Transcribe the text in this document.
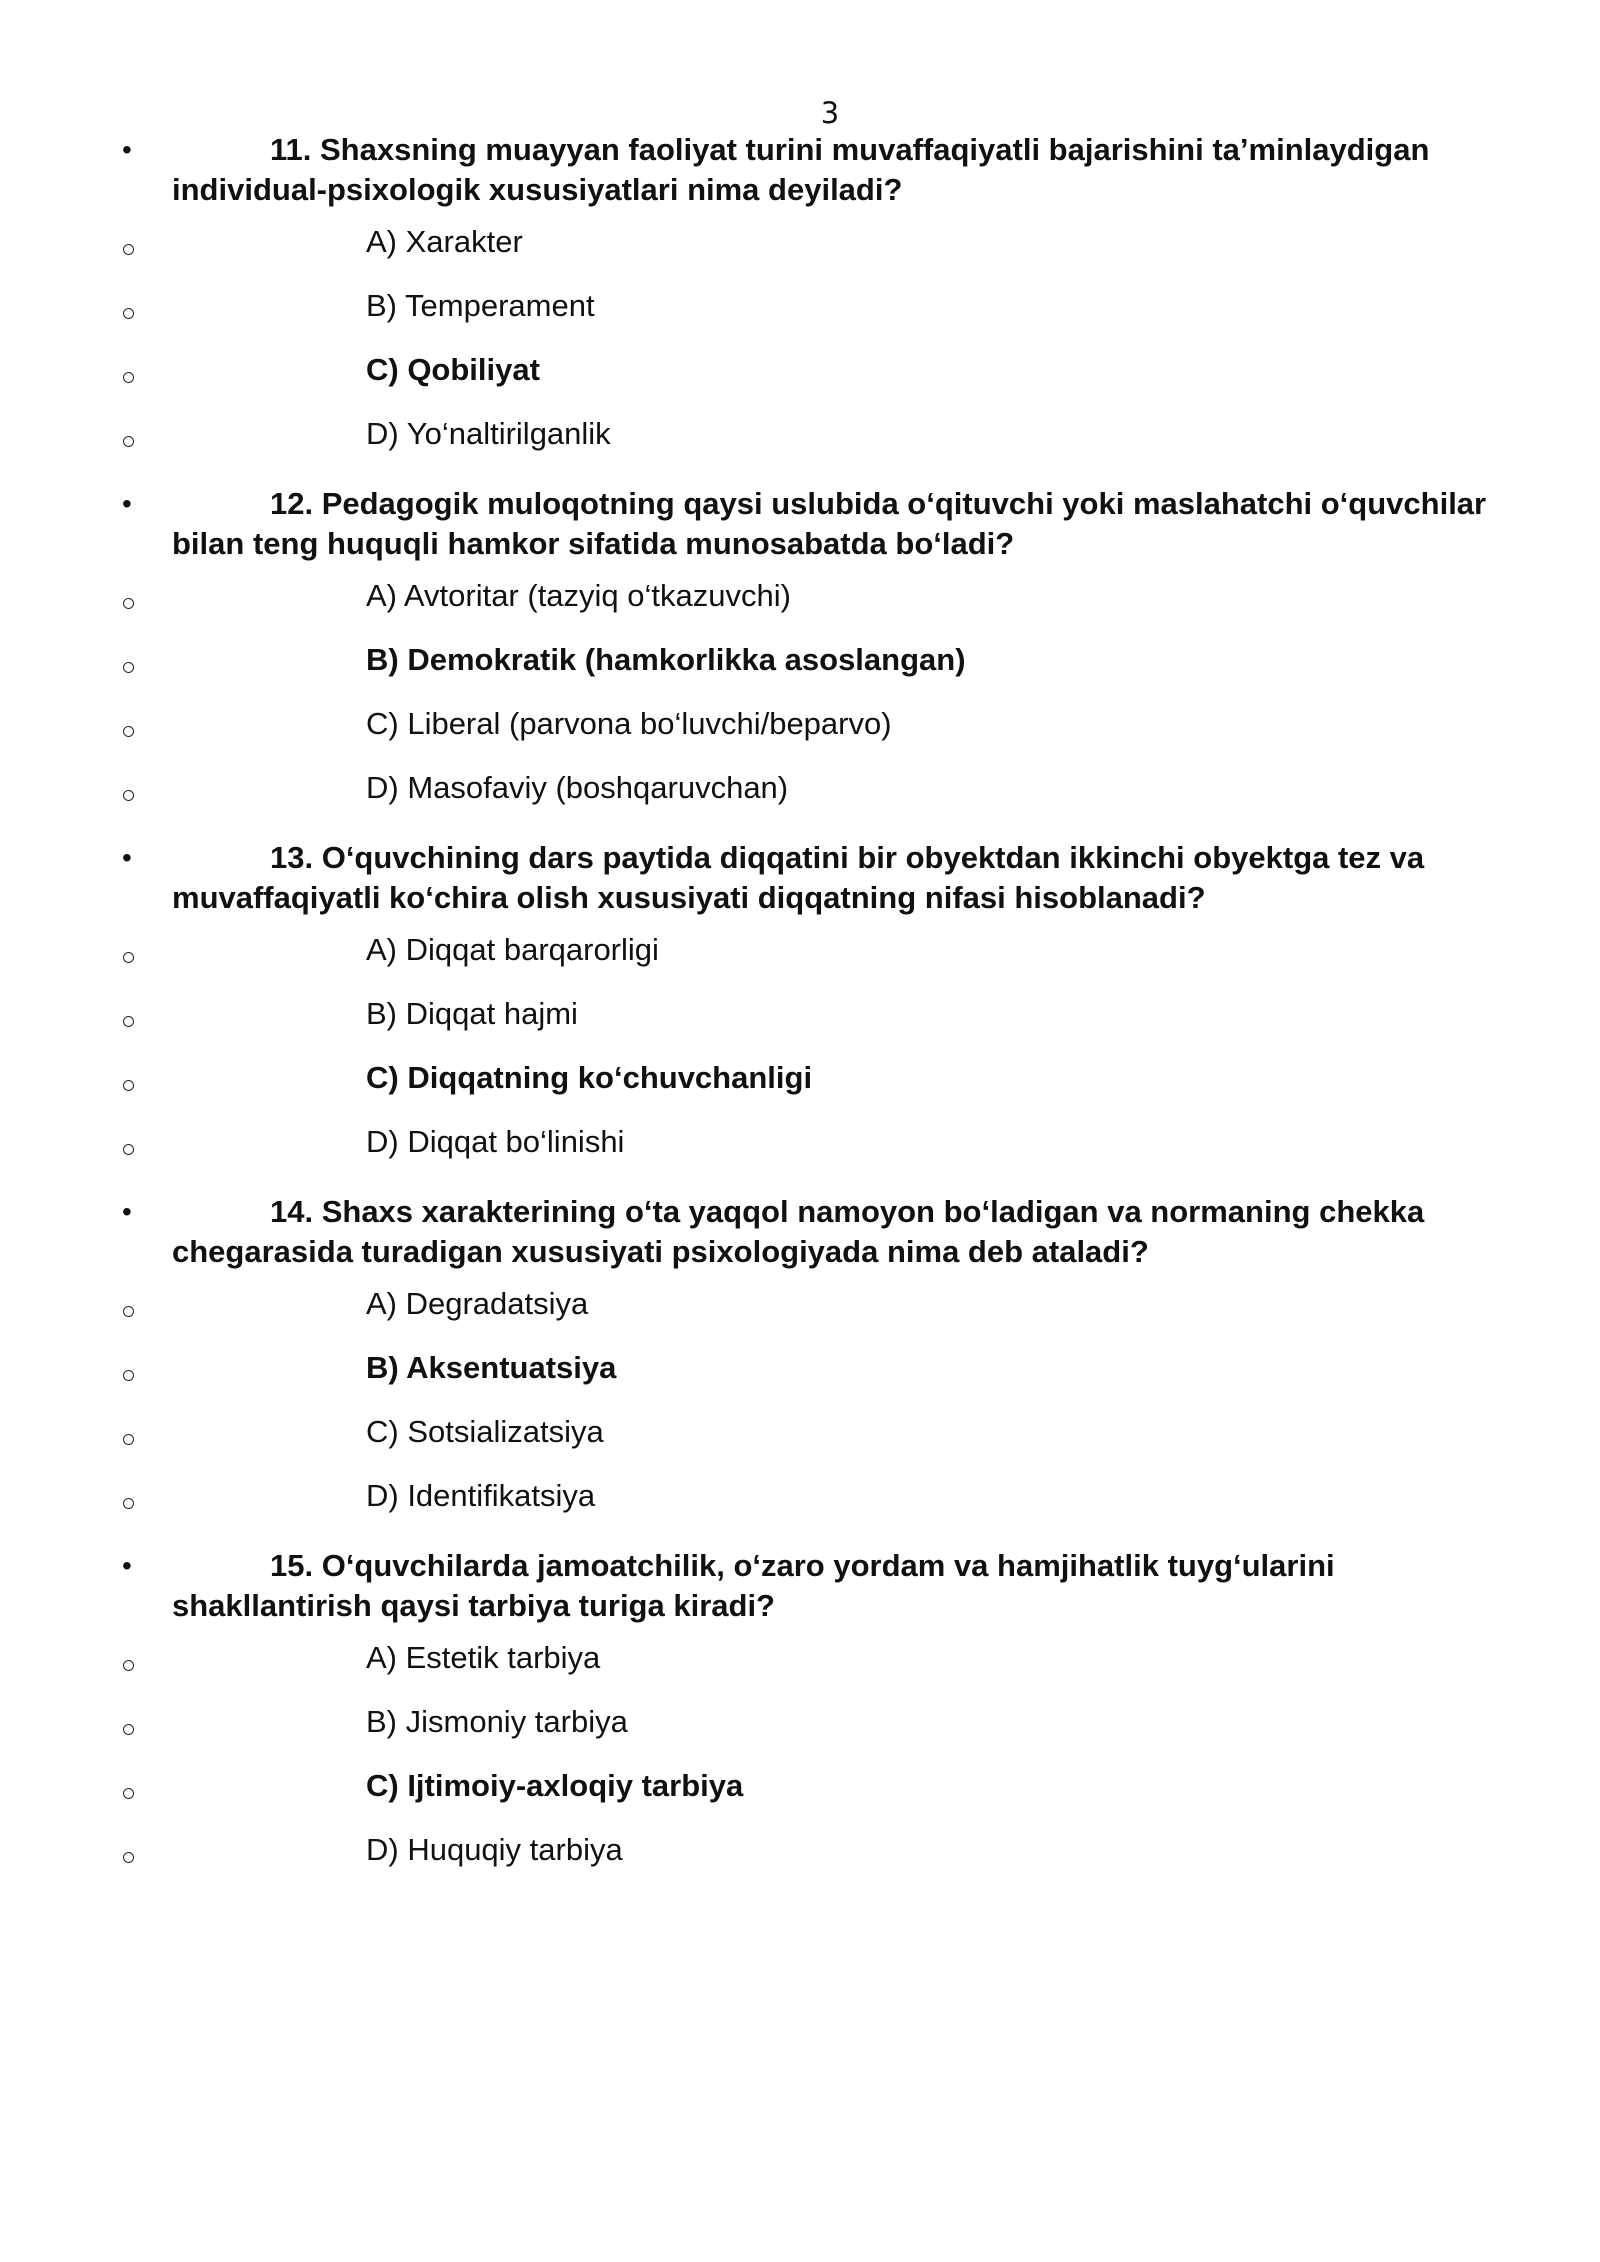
3
•	11. Shaxsning muayyan faoliyat turini muvaffaqiyatli bajarishini ta’minlaydigan individual-psixologik xususiyatlari nima deyiladi?
A) Xarakter
B) Temperament
C) Qobiliyat
D) Yo‘naltirilganlik
•	12. Pedagogik muloqotning qaysi uslubida o‘qituvchi yoki maslahatchi o‘quvchilar bilan teng huquqli hamkor sifatida munosabatda bo‘ladi?
A) Avtoritar (tazyiq o‘tkazuvchi)
B) Demokratik (hamkorlikka asoslangan)
C) Liberal (parvona bo‘luvchi/beparvo)
D) Masofaviy (boshqaruvchan)
•	13. O‘quvchining dars paytida diqqatini bir obyektdan ikkinchi obyektga tez va muvaffaqiyatli ko‘chira olish xususiyati diqqatning nifasi hisoblanadi?
A) Diqqat barqarorligi
B) Diqqat hajmi
C) Diqqatning ko‘chuvchanligi
D) Diqqat bo‘linishi
•	14. Shaxs xarakterining o‘ta yaqqol namoyon bo‘ladigan va normaning chekka chegarasida turadigan xususiyati psixologiyada nima deb ataladi?
A) Degradatsiya
B) Aksentuatsiya
C) Sotsializatsiya
D) Identifikatsiya
•	15. O‘quvchilarda jamoatchilik, o‘zaro yordam va hamjihatlik tuyg‘ularini shakllantirish qaysi tarbiya turiga kiradi?
A) Estetik tarbiya
B) Jismoniy tarbiya
C) Ijtimoiy-axloqiy tarbiya
D) Huquqiy tarbiya
